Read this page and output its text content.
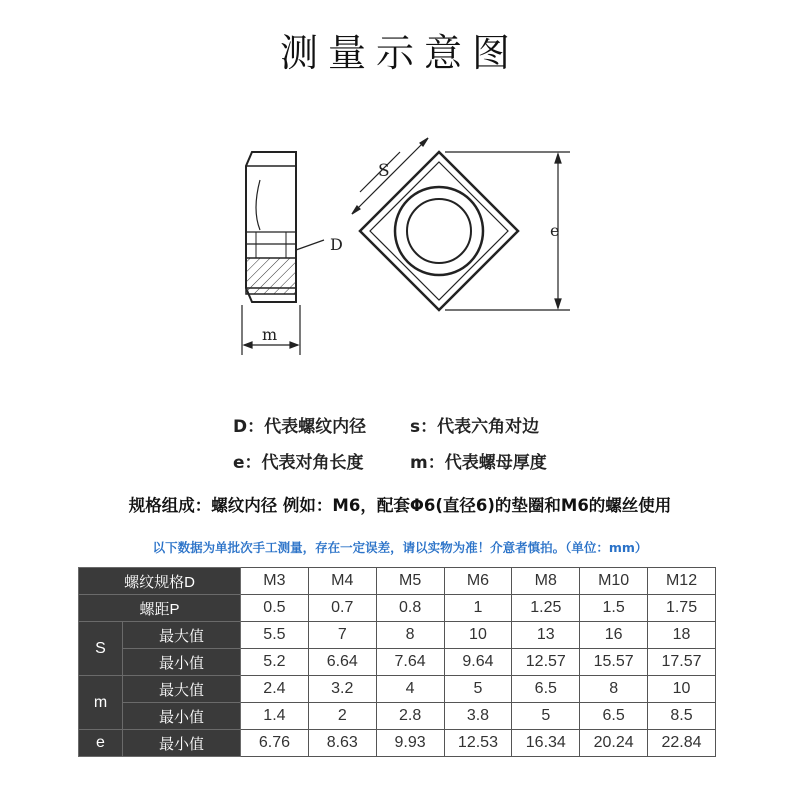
测量示意图
D
m
S
e
D：代表螺纹内径	s：代表六角对边
e：代表对角长度	m：代表螺母厚度
规格组成：螺纹内径 例如：M6，配套Φ6(直径6)的垫圈和M6的螺丝使用
以下数据为单批次手工测量，存在一定误差，请以实物为准！介意者慎拍。（单位：mm）
螺纹规格D		M3	M4	M5	M6	M8	M10	M12
螺距P		0.5	0.7	0.8	1	1.25	1.5	1.75
S	最大值	5.5	7	8	10	13	16	18
	最小值	5.2	6.64	7.64	9.64	12.57	15.57	17.57
m	最大值	2.4	3.2	4	5	6.5	8	10
	最小值	1.4	2	2.8	3.8	5	6.5	8.5
e	最小值	6.76	8.63	9.93	12.53	16.34	20.24	22.84
